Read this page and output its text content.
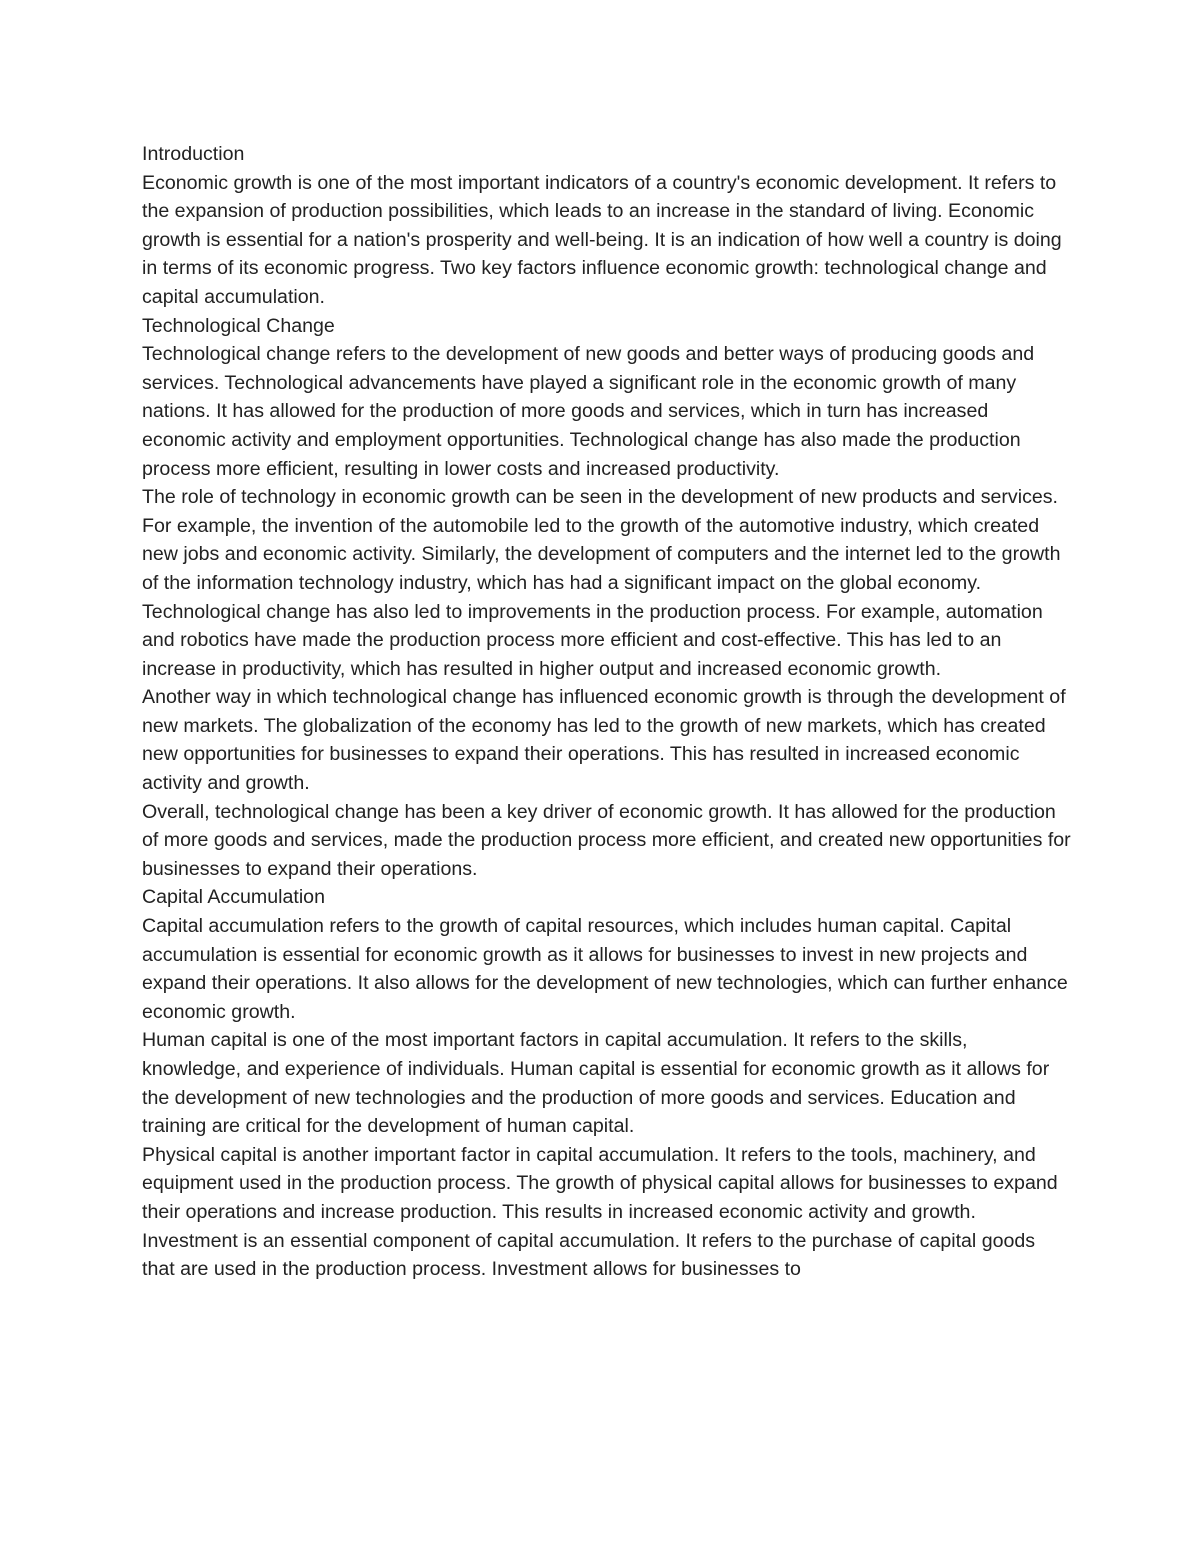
Introduction

Economic growth is one of the most important indicators of a country's economic development. It refers to the expansion of production possibilities, which leads to an increase in the standard of living. Economic growth is essential for a nation's prosperity and well-being. It is an indication of how well a country is doing in terms of its economic progress. Two key factors influence economic growth: technological change and capital accumulation.

Technological Change

Technological change refers to the development of new goods and better ways of producing goods and services. Technological advancements have played a significant role in the economic growth of many nations. It has allowed for the production of more goods and services, which in turn has increased economic activity and employment opportunities. Technological change has also made the production process more efficient, resulting in lower costs and increased productivity.

The role of technology in economic growth can be seen in the development of new products and services. For example, the invention of the automobile led to the growth of the automotive industry, which created new jobs and economic activity. Similarly, the development of computers and the internet led to the growth of the information technology industry, which has had a significant impact on the global economy.

Technological change has also led to improvements in the production process. For example, automation and robotics have made the production process more efficient and cost-effective. This has led to an increase in productivity, which has resulted in higher output and increased economic growth.

Another way in which technological change has influenced economic growth is through the development of new markets. The globalization of the economy has led to the growth of new markets, which has created new opportunities for businesses to expand their operations. This has resulted in increased economic activity and growth.

Overall, technological change has been a key driver of economic growth. It has allowed for the production of more goods and services, made the production process more efficient, and created new opportunities for businesses to expand their operations.

Capital Accumulation

Capital accumulation refers to the growth of capital resources, which includes human capital. Capital accumulation is essential for economic growth as it allows for businesses to invest in new projects and expand their operations. It also allows for the development of new technologies, which can further enhance economic growth.

Human capital is one of the most important factors in capital accumulation. It refers to the skills, knowledge, and experience of individuals. Human capital is essential for economic growth as it allows for the development of new technologies and the production of more goods and services. Education and training are critical for the development of human capital.

Physical capital is another important factor in capital accumulation. It refers to the tools, machinery, and equipment used in the production process. The growth of physical capital allows for businesses to expand their operations and increase production. This results in increased economic activity and growth.

Investment is an essential component of capital accumulation. It refers to the purchase of capital goods that are used in the production process. Investment allows for businesses to
